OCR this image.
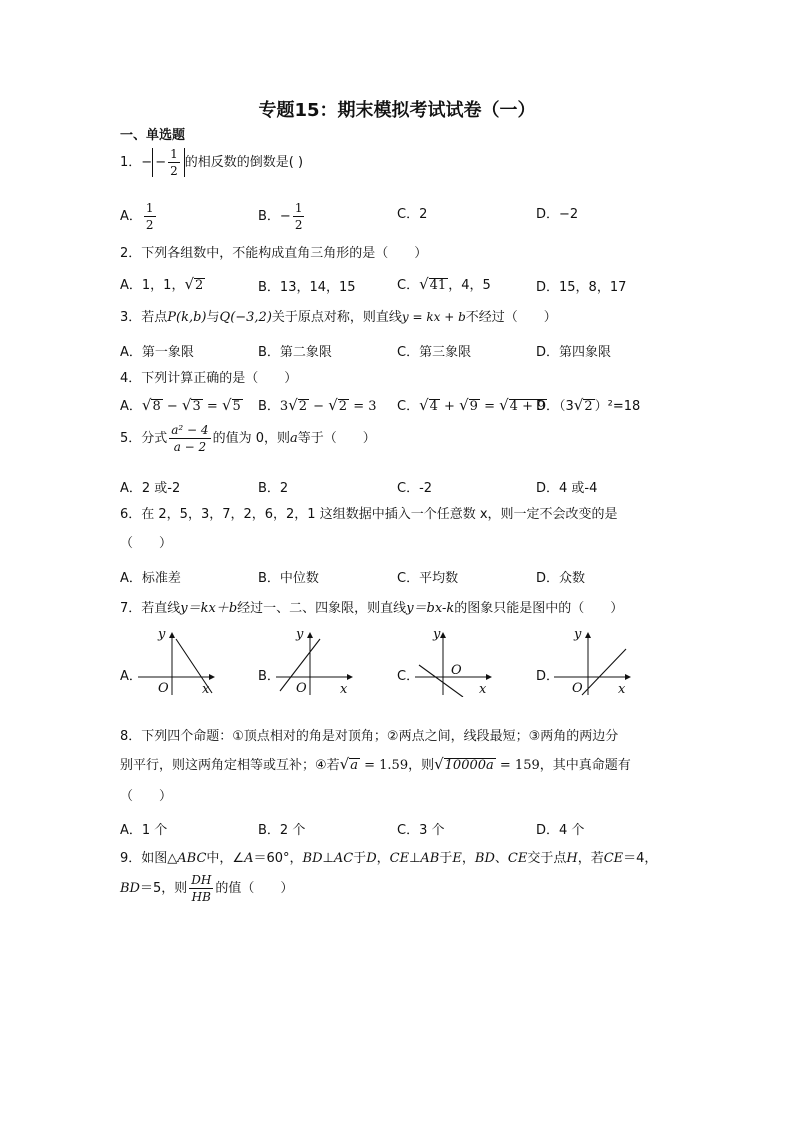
专题15：期末模拟考试试卷（一）
一、单选题
1．− − $\frac{1}{2}$ 的相反数的倒数是( )
A． $\frac{1}{2}$	B．− $\frac{1}{2}$	C．2	D．−2
2．下列各组数中，不能构成直角三角形的是（　　）
A．1，1，√2	B．13，14，15	C．√41 ，4，5	D．15，8，17
3．若点P(k,b)与Q(−3,2)关于原点对称，则直线y = kx + b不经过（　　）
A．第一象限	B．第二象限	C．第三象限	D．第四象限
4．下列计算正确的是（　　）
A．√8 − √3 = √5 B．3√2 − √2 = 3 C．√4 + √9 = √4 + 9
D．（3√2 ）²=18
5．分式 $\frac{\text{a² − 4}}{a - 2}$ 的值为 0，则a等于（　　）
A．2 或-2	B．2	C．-2	D．4 或-4
6．在 2，5，3，7，2，6，2，1 这组数据中插入一个任意数 x，则一定不会改变的是
（　　）
A．标准差	B．中位数	C．平均数	D．众数
7．若直线y＝kx＋b经过一、二、四象限，则直线y＝bx-k的图象只能是图中的（　　）
A．	B．	C．	D．
y
x
O
y
x
O
y
x
O
y
x
O
8．下列四个命题：①顶点相对的角是对顶角；②两点之间，线段最短；③两角的两边分
别平行，则这两角定相等或互补；④若√a = 1.59，则√10000a = 159，其中真命题有
（　　）
A．1 个	B．2 个	C．3 个	D．4 个
9．如图△ABC中，∠A＝60°，BD⊥AC于D，CE⊥AB于E，BD、CE交于点H，若CE＝4，
BD＝5，则 $\frac{DH}{HB}$ 的值（　　）
